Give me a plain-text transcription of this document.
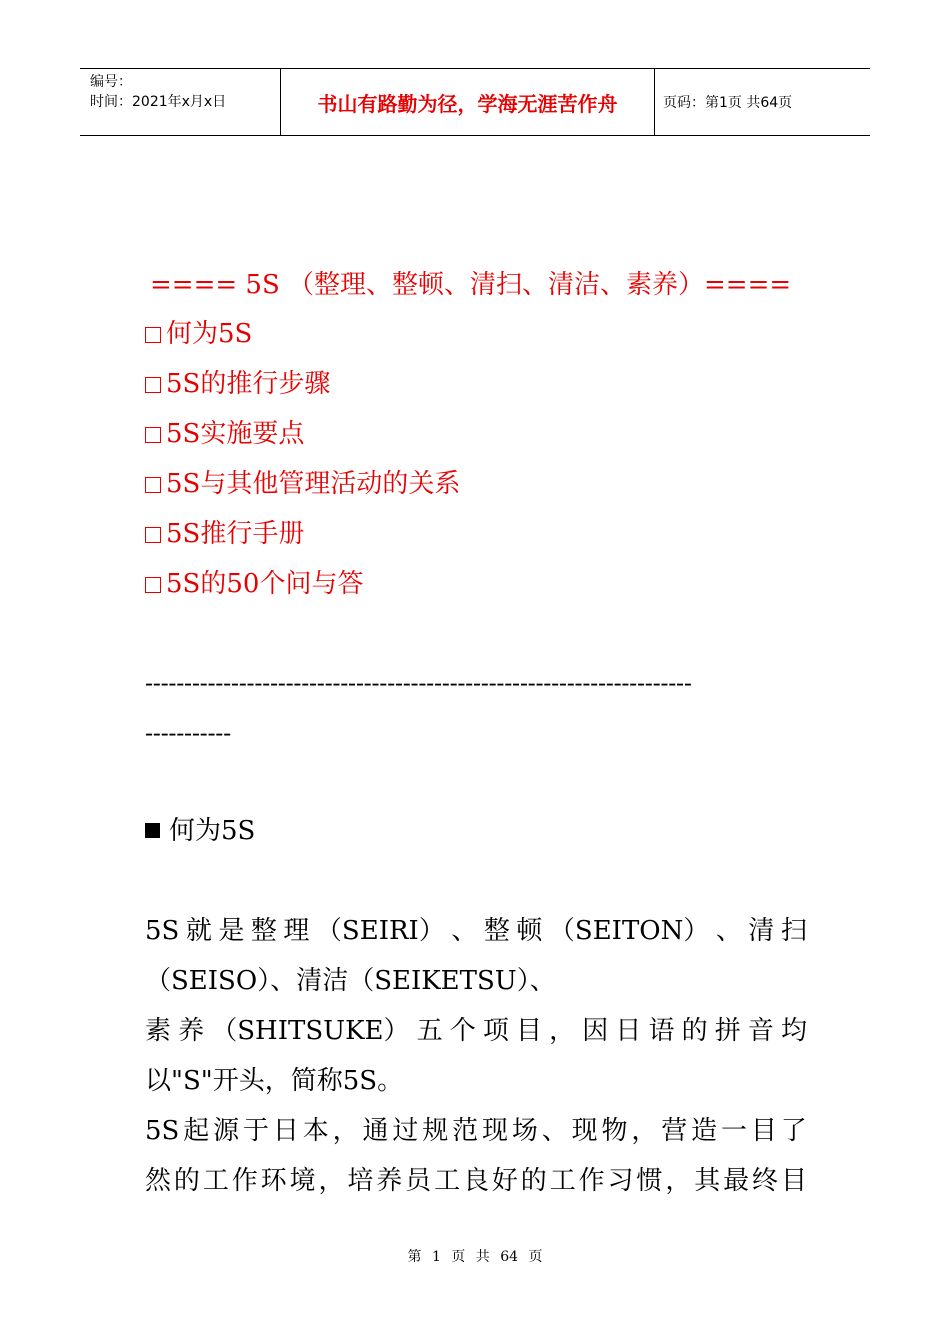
编号：
时间：2021年x月x日	书山有路勤为径，学海无涯苦作舟	页码：第1页 共64页
==== 5S （整理、整顿、清扫、清洁、素养）====
何为5S
5S的推行步骤
5S实施要点
5S与其他管理活动的关系
5S推行手册
5S的50个问与答
----------------------------------------------------------------------
-----------
何为5S
5S 就 是 整 理 （SEIRI） 、 整 顿 （SEITON） 、 清 扫
（SEISO）、清洁（SEIKETSU）、
素 养 （SHITSUKE） 五 个 项 目 ， 因 日 语 的 拼 音 均
以"S"开头，简称5S。
5S 起 源 于 日 本 ， 通 过 规 范 现 场 、 现 物 ， 营 造 一 目 了
然 的 工 作 环 境 ， 培 养 员 工 良 好 的 工 作 习 惯 ， 其 最 终 目
第 1 页 共 64 页
